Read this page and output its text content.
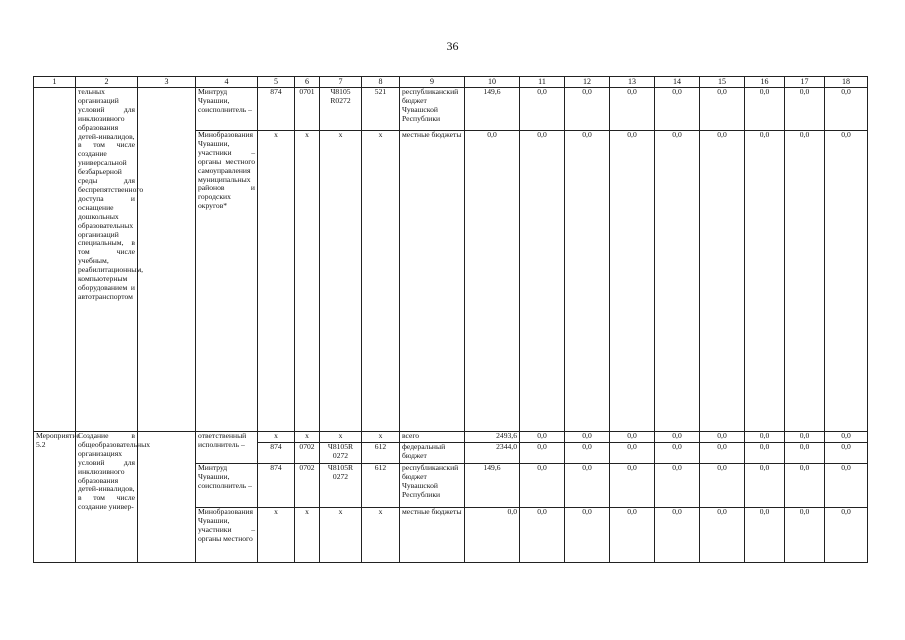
36
1	2	3	4	5	6	7	8	9	10	11	12	13	14	15	16	17	18
	тельных организаций условий для инклюзивного образования детей-инвалидов, в том числе создание универсальной безбарьерной среды для беспрепятственного доступа и оснащение дошкольных образовательных организаций специальным, в том числе учебным, реабилитационным, компьютерным оборудованием и автотранспортом		Минтруд Чувашии, соисполнитель –	874	0701	Ч8105 R0272	521	республиканский бюджет Чувашской Республики	149,6	0,0	0,0	0,0	0,0	0,0	0,0	0,0	0,0
			Минобразования Чувашии, участники – органы местного самоуправления муниципальных районов и городских округов*	x	x	x	x	местные бюджеты	0,0	0,0	0,0	0,0	0,0	0,0	0,0	0,0	0,0
Мероприятие 5.2	Создание в общеобразовательных организациях условий для инклюзивного образования детей-инвалидов, в том числе создание универ-		ответственный исполнитель –	x	x	x	x	всего	2493,6	0,0	0,0	0,0	0,0	0,0	0,0	0,0	0,0
				874	0702	Ч8105R 0272	612	федеральный бюджет	2344,0	0,0	0,0	0,0	0,0	0,0	0,0	0,0	0,0
			Минтруд Чувашии, соисполнитель –	874	0702	Ч8105R 0272	612	республиканский бюджет Чувашской Республики	149,6	0,0	0,0	0,0	0,0	0,0	0,0	0,0	0,0
			Минобразования Чувашии, участники – органы местного	x	x	x	x	местные бюджеты	0,0	0,0	0,0	0,0	0,0	0,0	0,0	0,0	0,0
